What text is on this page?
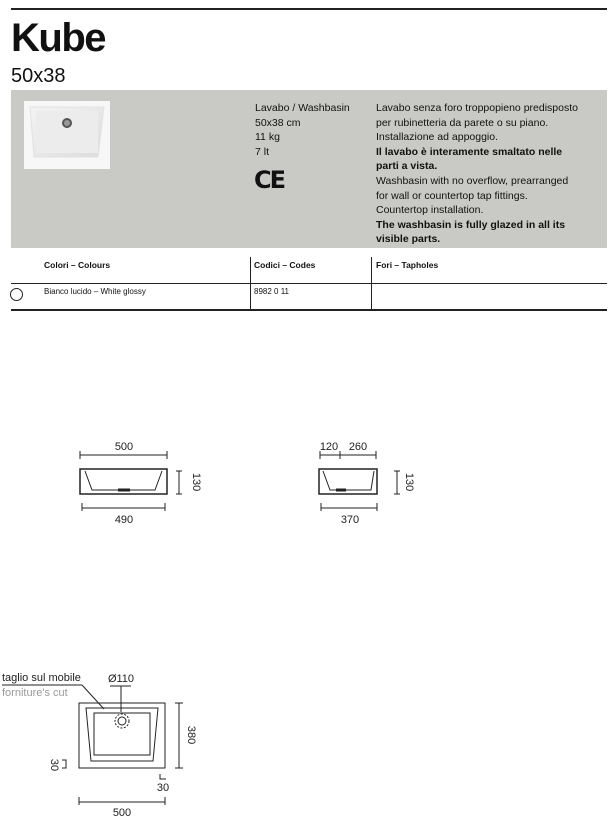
Kube
50x38
Lavabo / Washbasin
50x38 cm
11 kg
7 lt
CE
Lavabo senza foro troppopieno predisposto
per rubinetteria da parete o su piano.
Installazione ad appoggio.
Il lavabo è interamente smaltato nelle
parti a vista.
Washbasin with no overflow, prearranged
for wall or countertop tap fittings.
Countertop installation.
The washbasin is fully glazed in all its
visible parts.
Colori – Colours	Codici – Codes	Fori – Tapholes
Bianco lucido – White glossy	8982 0 11
500
490
130
120 260
370
130
taglio sul mobile
forniture's cut
Ø110
380
30
30
500
